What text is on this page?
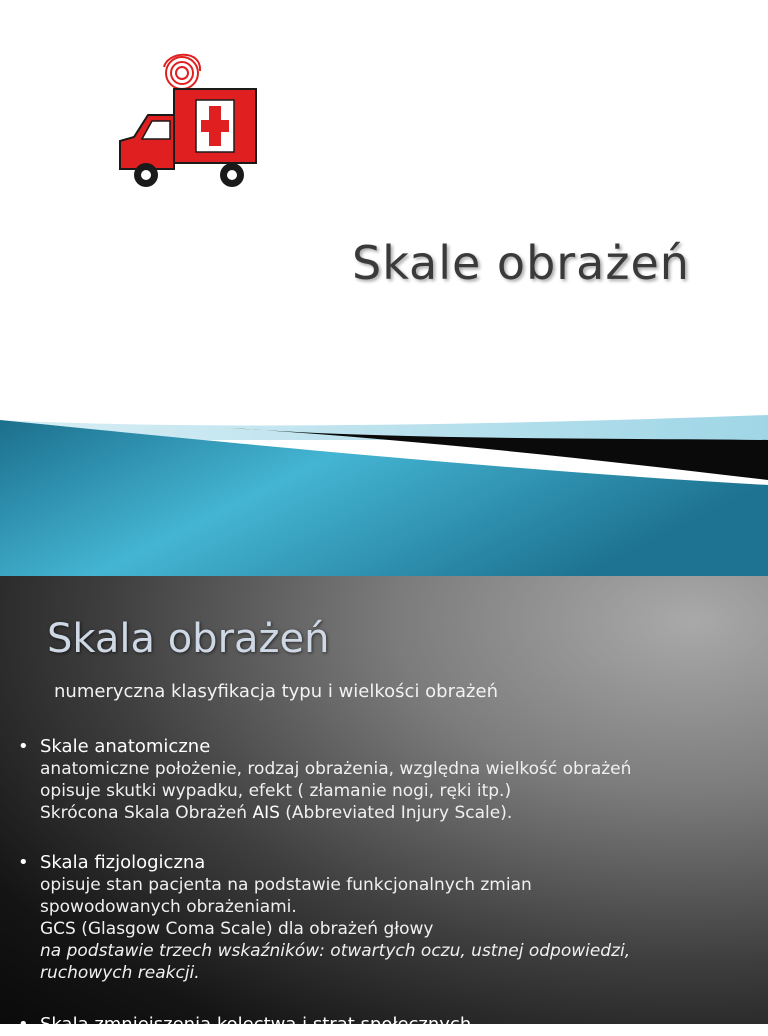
Skale obrażeń
Skala obrażeń
numeryczna klasyfikacja typu i wielkości obrażeń
• Skale anatomiczne
anatomiczne położenie, rodzaj obrażenia, względna wielkość obrażeń
opisuje skutki wypadku, efekt ( złamanie nogi, ręki itp.)
Skrócona Skala Obrażeń AIS (Abbreviated Injury Scale).
• Skala fizjologiczna
opisuje stan pacjenta na podstawie funkcjonalnych zmian
spowodowanych obrażeniami.
GCS (Glasgow Coma Scale) dla obrażeń głowy
na podstawie trzech wskaźników: otwartych oczu, ustnej odpowiedzi,
ruchowych reakcji.
• Skala zmniejszenia kolectwa i strat społecznych
